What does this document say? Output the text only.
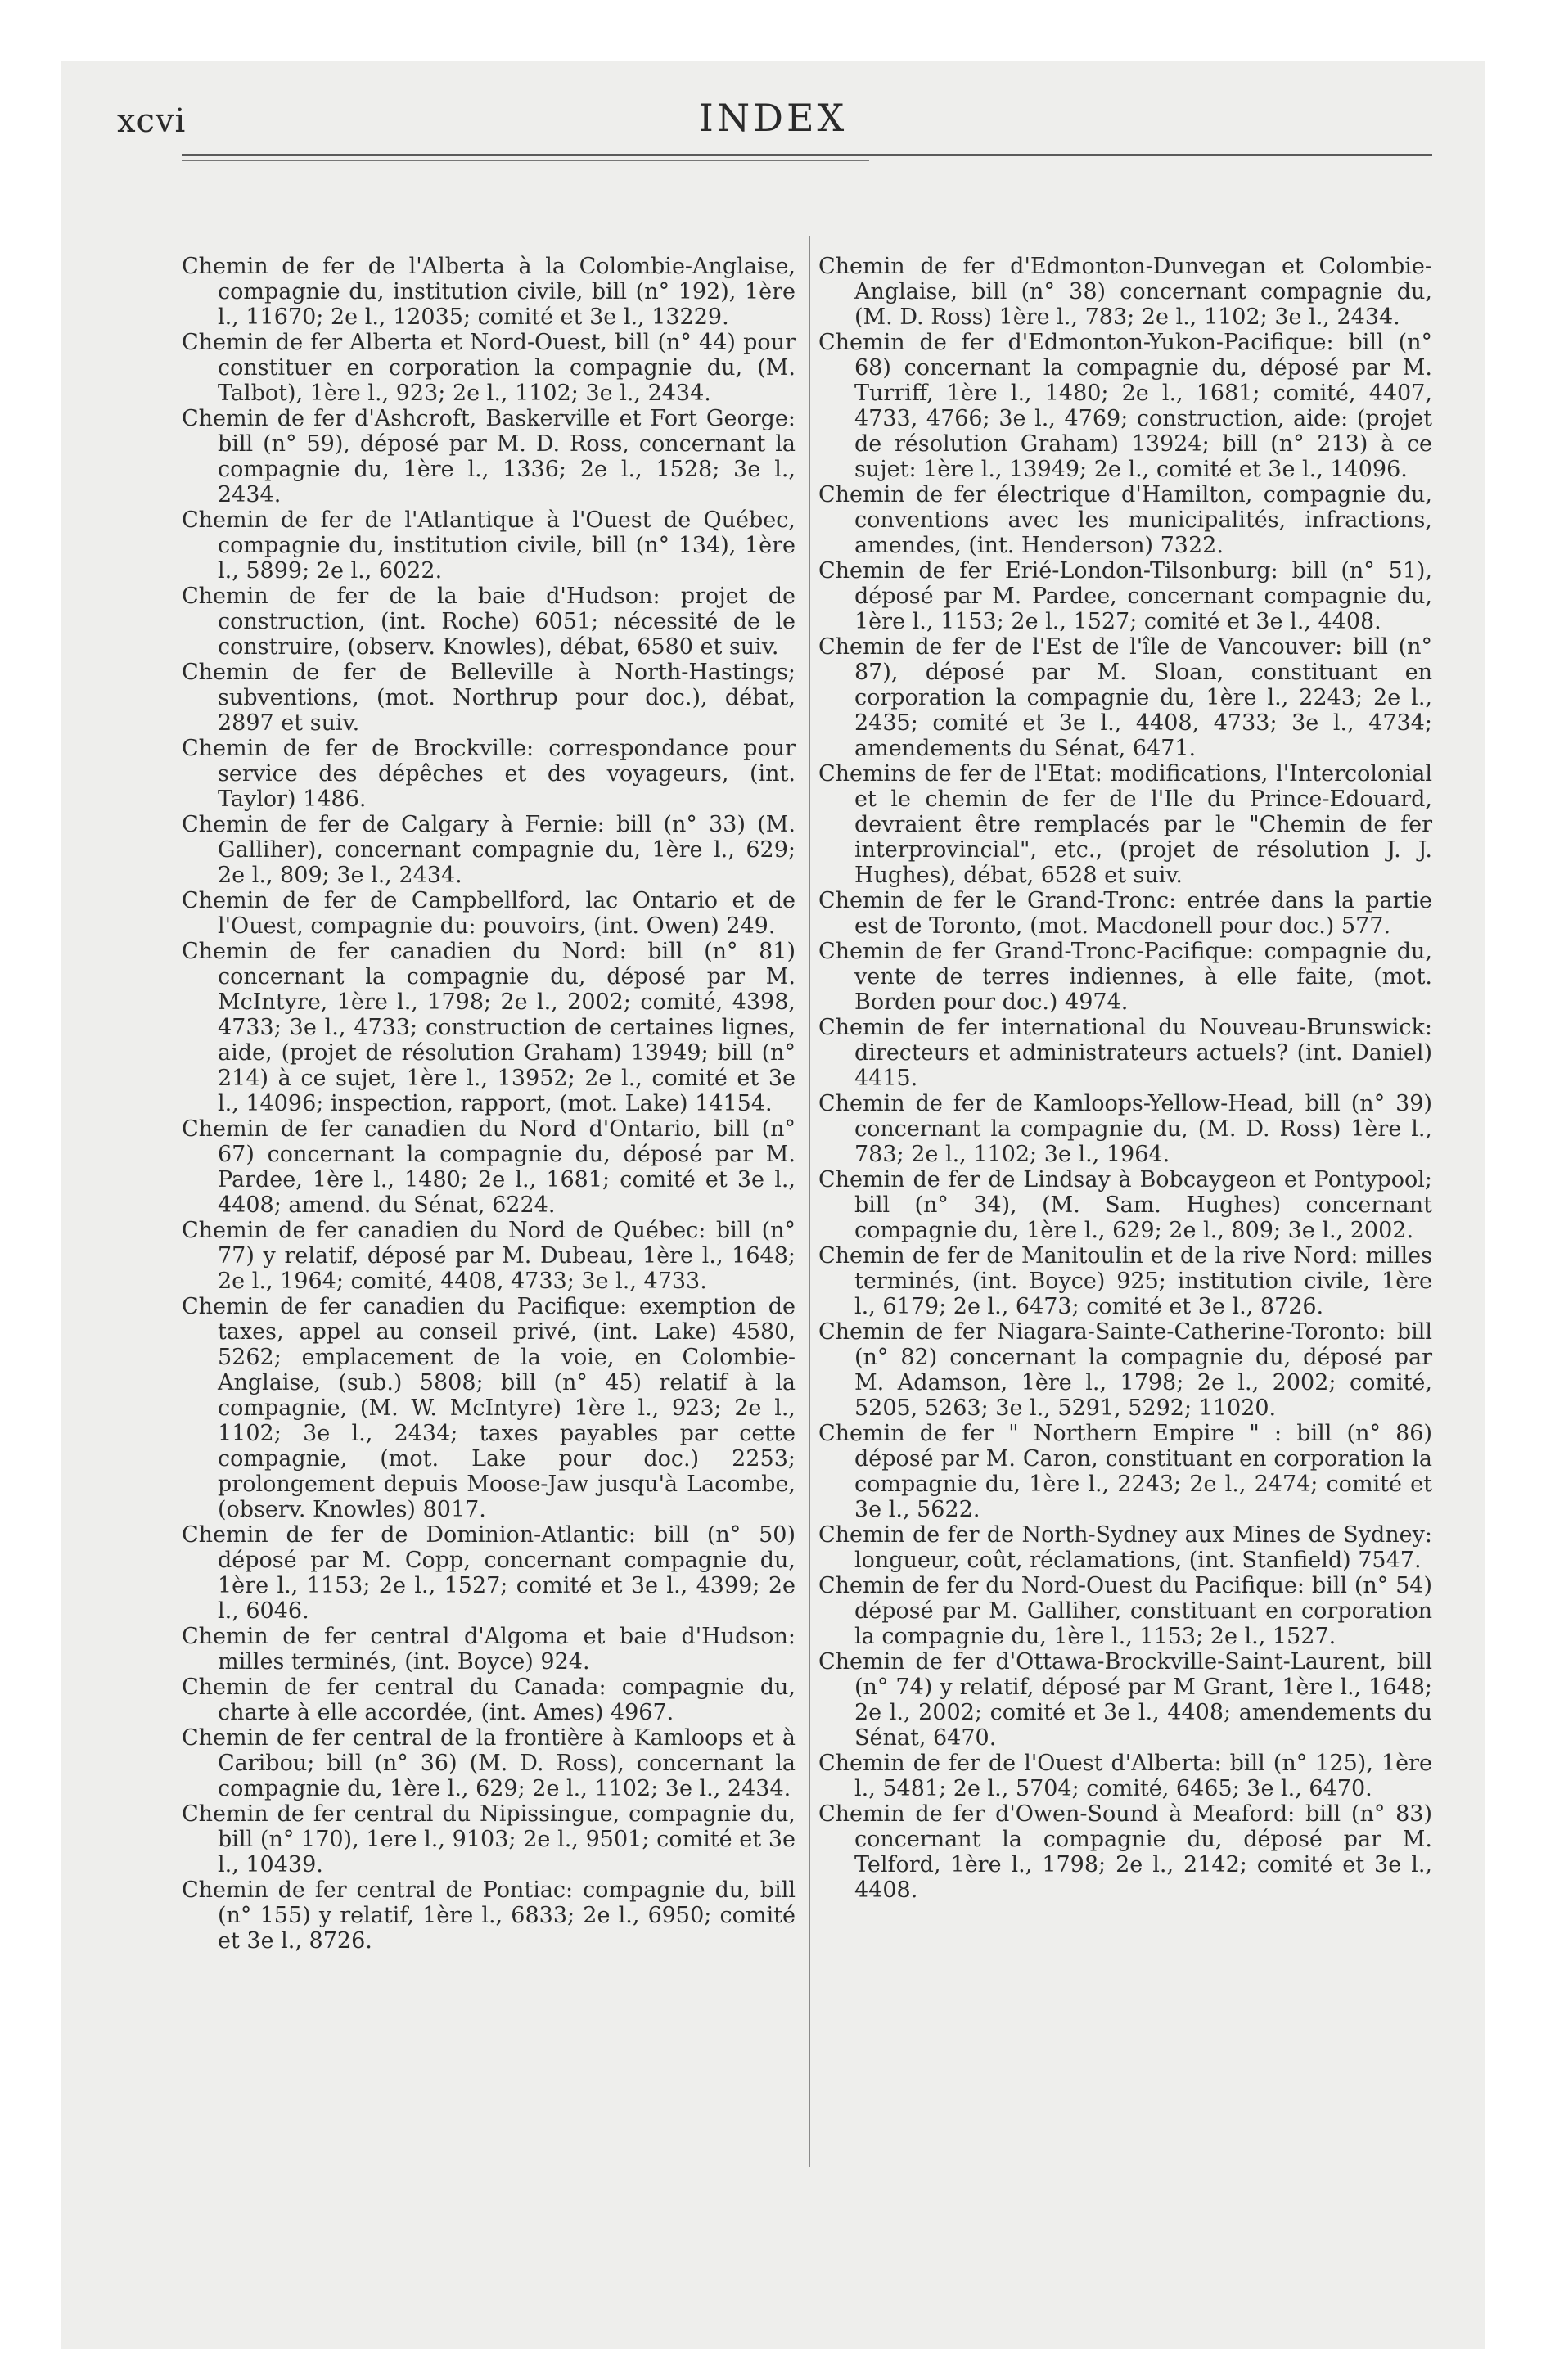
xcvi	INDEX
Chemin de fer de l'Alberta à la Colombie-Anglaise, compagnie du, institution civile, bill (n° 192), 1ère l., 11670; 2e l., 12035; comité et 3e l., 13229.
Chemin de fer Alberta et Nord-Ouest, bill (n° 44) pour constituer en corporation la compagnie du, (M. Talbot), 1ère l., 923; 2e l., 1102; 3e l., 2434.
Chemin de fer d'Ashcroft, Baskerville et Fort George: bill (n° 59), déposé par M. D. Ross, concernant la compagnie du, 1ère l., 1336; 2e l., 1528; 3e l., 2434.
Chemin de fer de l'Atlantique à l'Ouest de Québec, compagnie du, institution civile, bill (n° 134), 1ère l., 5899; 2e l., 6022.
Chemin de fer de la baie d'Hudson: projet de construction, (int. Roche) 6051; nécessité de le construire, (observ. Knowles), débat, 6580 et suiv.
Chemin de fer de Belleville à North-Hastings; subventions, (mot. Northrup pour doc.), débat, 2897 et suiv.
Chemin de fer de Brockville: correspondance pour service des dépêches et des voyageurs, (int. Taylor) 1486.
Chemin de fer de Calgary à Fernie: bill (n° 33) (M. Galliher), concernant compagnie du, 1ère l., 629; 2e l., 809; 3e l., 2434.
Chemin de fer de Campbellford, lac Ontario et de l'Ouest, compagnie du: pouvoirs, (int. Owen) 249.
Chemin de fer canadien du Nord: bill (n° 81) concernant la compagnie du, déposé par M. McIntyre, 1ère l., 1798; 2e l., 2002; comité, 4398, 4733; 3e l., 4733; construction de certaines lignes, aide, (projet de résolution Graham) 13949; bill (n° 214) à ce sujet, 1ère l., 13952; 2e l., comité et 3e l., 14096; inspection, rapport, (mot. Lake) 14154.
Chemin de fer canadien du Nord d'Ontario, bill (n° 67) concernant la compagnie du, déposé par M. Pardee, 1ère l., 1480; 2e l., 1681; comité et 3e l., 4408; amend. du Sénat, 6224.
Chemin de fer canadien du Nord de Québec: bill (n° 77) y relatif, déposé par M. Dubeau, 1ère l., 1648; 2e l., 1964; comité, 4408, 4733; 3e l., 4733.
Chemin de fer canadien du Pacifique: exemption de taxes, appel au conseil privé, (int. Lake) 4580, 5262; emplacement de la voie, en Colombie-Anglaise, (sub.) 5808; bill (n° 45) relatif à la compagnie, (M. W. McIntyre) 1ère l., 923; 2e l., 1102; 3e l., 2434; taxes payables par cette compagnie, (mot. Lake pour doc.) 2253; prolongement depuis Moose-Jaw jusqu'à Lacombe, (observ. Knowles) 8017.
Chemin de fer de Dominion-Atlantic: bill (n° 50) déposé par M. Copp, concernant compagnie du, 1ère l., 1153; 2e l., 1527; comité et 3e l., 4399; 2e l., 6046.
Chemin de fer central d'Algoma et baie d'Hudson: milles terminés, (int. Boyce) 924.
Chemin de fer central du Canada: compagnie du, charte à elle accordée, (int. Ames) 4967.
Chemin de fer central de la frontière à Kamloops et à Caribou; bill (n° 36) (M. D. Ross), concernant la compagnie du, 1ère l., 629; 2e l., 1102; 3e l., 2434.
Chemin de fer central du Nipissingue, compagnie du, bill (n° 170), 1ere l., 9103; 2e l., 9501; comité et 3e l., 10439.
Chemin de fer central de Pontiac: compagnie du, bill (n° 155) y relatif, 1ère l., 6833; 2e l., 6950; comité et 3e l., 8726.
Chemin de fer d'Edmonton-Dunvegan et Colombie-Anglaise, bill (n° 38) concernant compagnie du, (M. D. Ross) 1ère l., 783; 2e l., 1102; 3e l., 2434.
Chemin de fer d'Edmonton-Yukon-Pacifique: bill (n° 68) concernant la compagnie du, déposé par M. Turriff, 1ère l., 1480; 2e l., 1681; comité, 4407, 4733, 4766; 3e l., 4769; construction, aide: (projet de résolution Graham) 13924; bill (n° 213) à ce sujet: 1ère l., 13949; 2e l., comité et 3e l., 14096.
Chemin de fer électrique d'Hamilton, compagnie du, conventions avec les municipalités, infractions, amendes, (int. Henderson) 7322.
Chemin de fer Erié-London-Tilsonburg: bill (n° 51), déposé par M. Pardee, concernant compagnie du, 1ère l., 1153; 2e l., 1527; comité et 3e l., 4408.
Chemin de fer de l'Est de l'île de Vancouver: bill (n° 87), déposé par M. Sloan, constituant en corporation la compagnie du, 1ère l., 2243; 2e l., 2435; comité et 3e l., 4408, 4733; 3e l., 4734; amendements du Sénat, 6471.
Chemins de fer de l'Etat: modifications, l'Intercolonial et le chemin de fer de l'Ile du Prince-Edouard, devraient être remplacés par le "Chemin de fer interprovincial", etc., (projet de résolution J. J. Hughes), débat, 6528 et suiv.
Chemin de fer le Grand-Tronc: entrée dans la partie est de Toronto, (mot. Macdonell pour doc.) 577.
Chemin de fer Grand-Tronc-Pacifique: compagnie du, vente de terres indiennes, à elle faite, (mot. Borden pour doc.) 4974.
Chemin de fer international du Nouveau-Brunswick: directeurs et administrateurs actuels? (int. Daniel) 4415.
Chemin de fer de Kamloops-Yellow-Head, bill (n° 39) concernant la compagnie du, (M. D. Ross) 1ère l., 783; 2e l., 1102; 3e l., 1964.
Chemin de fer de Lindsay à Bobcaygeon et Pontypool; bill (n° 34), (M. Sam. Hughes) concernant compagnie du, 1ère l., 629; 2e l., 809; 3e l., 2002.
Chemin de fer de Manitoulin et de la rive Nord: milles terminés, (int. Boyce) 925; institution civile, 1ère l., 6179; 2e l., 6473; comité et 3e l., 8726.
Chemin de fer Niagara-Sainte-Catherine-Toronto: bill (n° 82) concernant la compagnie du, déposé par M. Adamson, 1ère l., 1798; 2e l., 2002; comité, 5205, 5263; 3e l., 5291, 5292; 11020.
Chemin de fer " Northern Empire " : bill (n° 86) déposé par M. Caron, constituant en corporation la compagnie du, 1ère l., 2243; 2e l., 2474; comité et 3e l., 5622.
Chemin de fer de North-Sydney aux Mines de Sydney: longueur, coût, réclamations, (int. Stanfield) 7547.
Chemin de fer du Nord-Ouest du Pacifique: bill (n° 54) déposé par M. Galliher, constituant en corporation la compagnie du, 1ère l., 1153; 2e l., 1527.
Chemin de fer d'Ottawa-Brockville-Saint-Laurent, bill (n° 74) y relatif, déposé par M Grant, 1ère l., 1648; 2e l., 2002; comité et 3e l., 4408; amendements du Sénat, 6470.
Chemin de fer de l'Ouest d'Alberta: bill (n° 125), 1ère l., 5481; 2e l., 5704; comité, 6465; 3e l., 6470.
Chemin de fer d'Owen-Sound à Meaford: bill (n° 83) concernant la compagnie du, déposé par M. Telford, 1ère l., 1798; 2e l., 2142; comité et 3e l., 4408.
